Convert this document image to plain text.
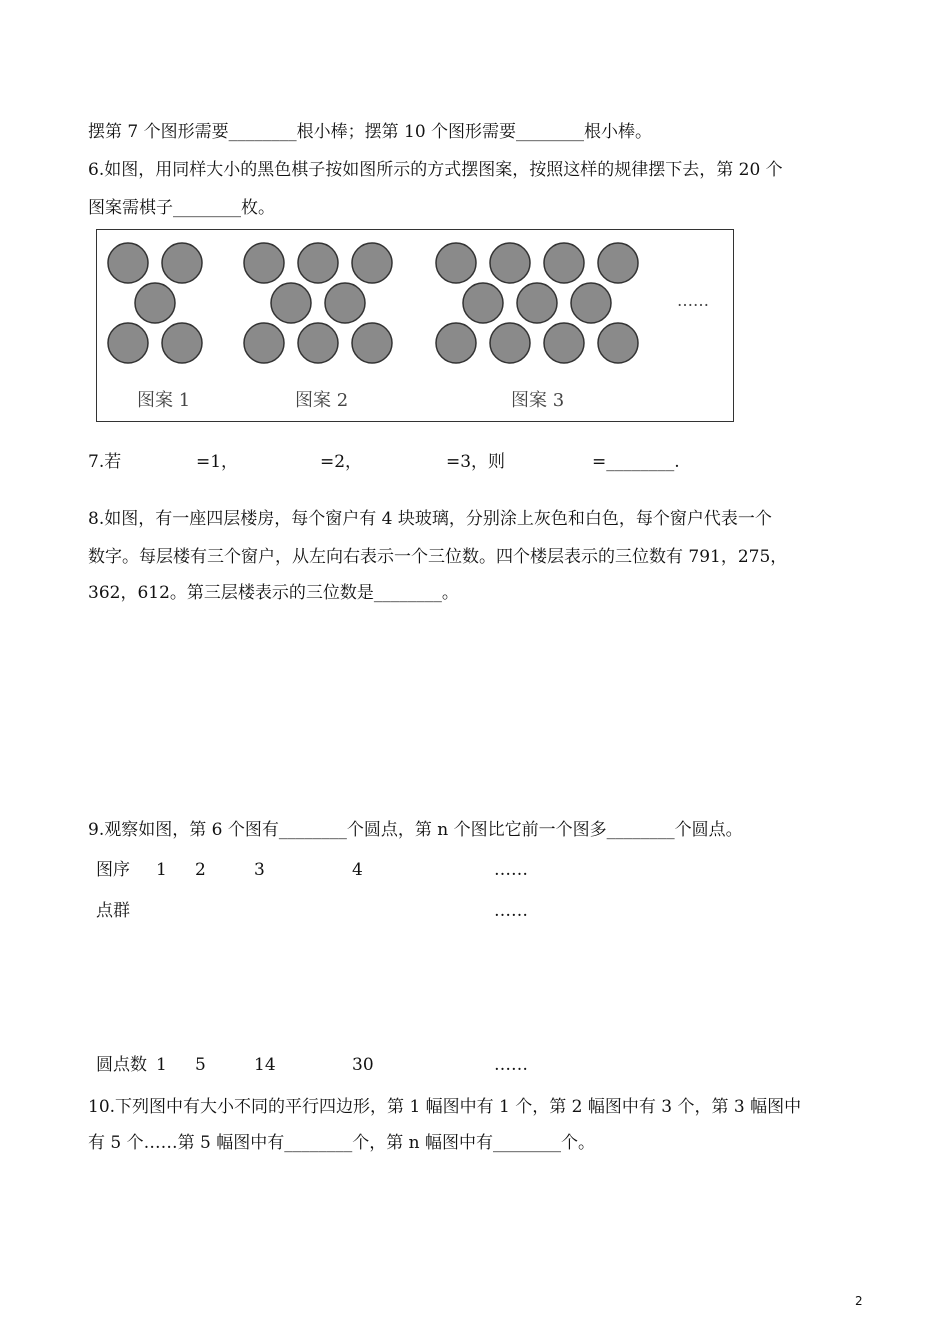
摆第 7 个图形需要________根小棒；摆第 10 个图形需要________根小棒。
6.如图，用同样大小的黑色棋子按如图所示的方式摆图案，按照这样的规律摆下去，第 20 个
图案需棋子________枚。
图案 1	图案 2	图案 3
……
7.若	=1，	=2，	=3，则	=________.
8.如图，有一座四层楼房，每个窗户有 4 块玻璃，分别涂上灰色和白色，每个窗户代表一个
数字。每层楼有三个窗户，从左向右表示一个三位数。四个楼层表示的三位数有 791，275，
362，612。第三层楼表示的三位数是________。
9.观察如图，第 6 个图有________个圆点，第 n 个图比它前一个图多________个圆点。
图序 1 2	3	4	……
点群	……
圆点数 1 5	14	30	……
10.下列图中有大小不同的平行四边形，第 1 幅图中有 1 个，第 2 幅图中有 3 个，第 3 幅图中
有 5 个……第 5 幅图中有________个，第 n 幅图中有________个。
2
